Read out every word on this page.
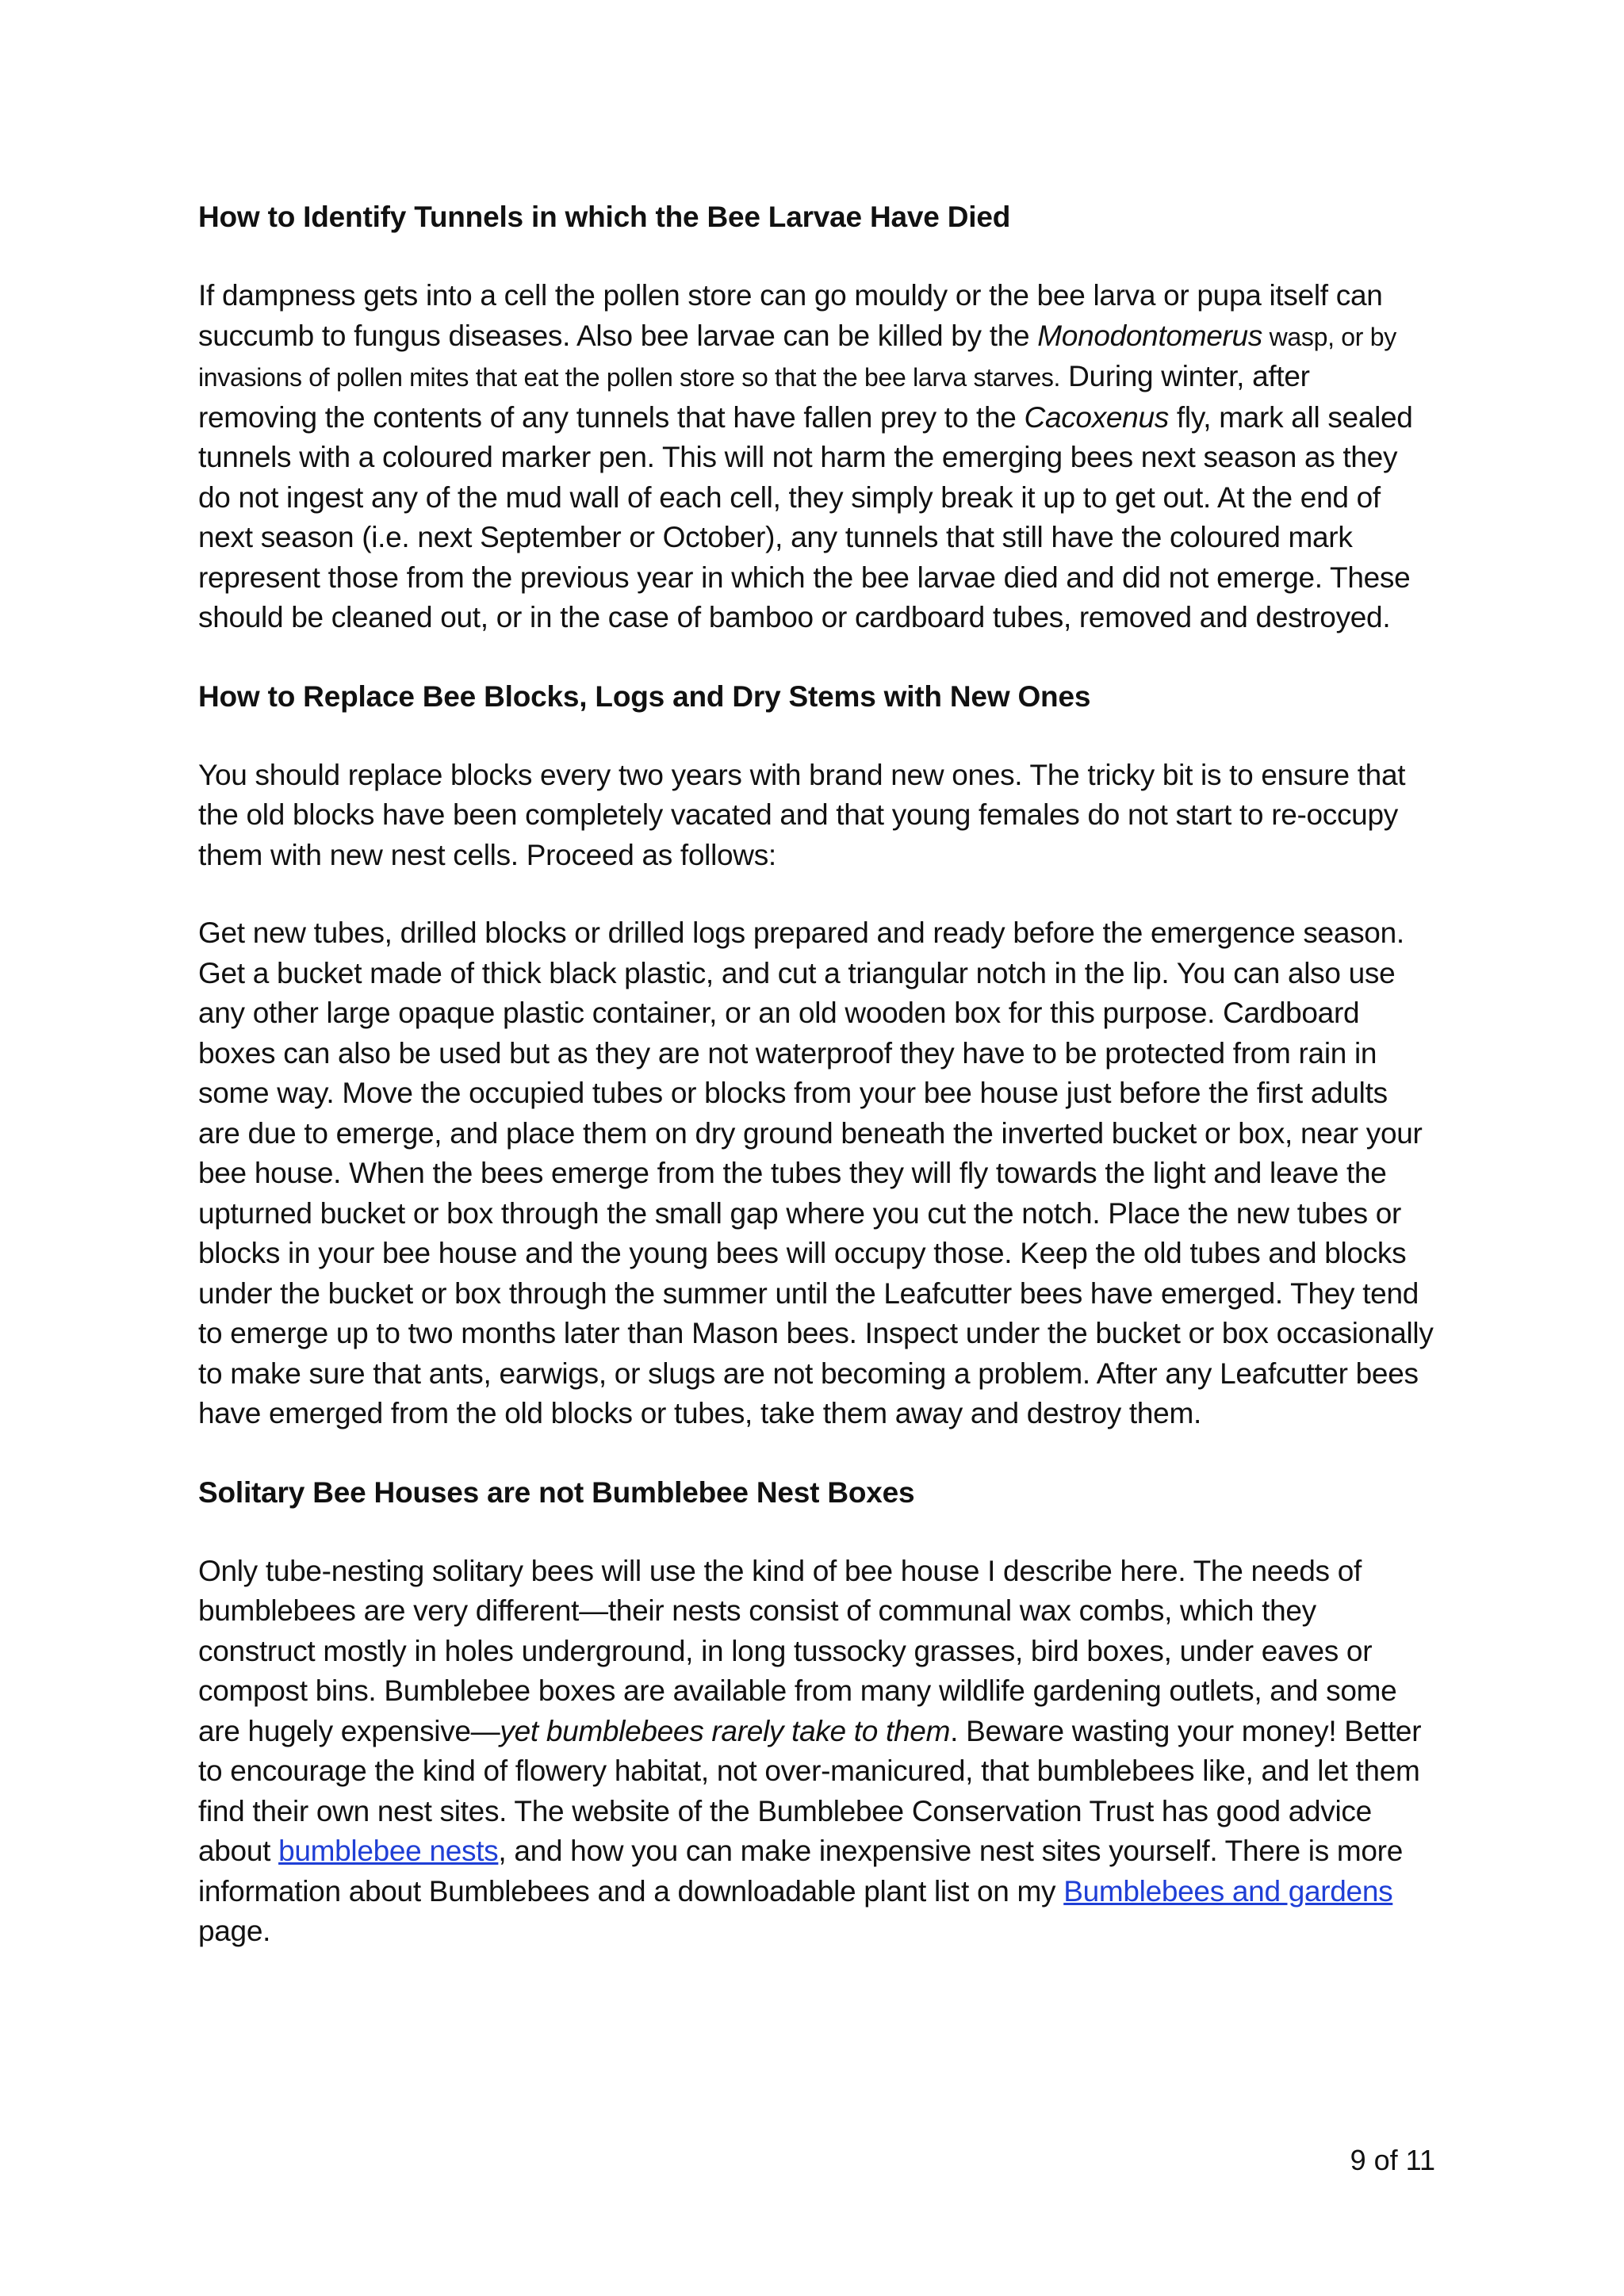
How to Identify Tunnels in which the Bee Larvae Have Died

If dampness gets into a cell the pollen store can go mouldy or the bee larva or pupa itself can succumb to fungus diseases. Also bee larvae can be killed by the Monodontomerus wasp, or by invasions of pollen mites that eat the pollen store so that the bee larva starves. During winter, after removing the contents of any tunnels that have fallen prey to the Cacoxenus fly, mark all sealed tunnels with a coloured marker pen. This will not harm the emerging bees next season as they do not ingest any of the mud wall of each cell, they simply break it up to get out. At the end of next season (i.e. next September or October), any tunnels that still have the coloured mark represent those from the previous year in which the bee larvae died and did not emerge. These should be cleaned out, or in the case of bamboo or cardboard tubes, removed and destroyed.

How to Replace Bee Blocks, Logs and Dry Stems with New Ones

You should replace blocks every two years with brand new ones. The tricky bit is to ensure that the old blocks have been completely vacated and that young females do not start to re-occupy them with new nest cells. Proceed as follows:

Get new tubes, drilled blocks or drilled logs prepared and ready before the emergence season. Get a bucket made of thick black plastic, and cut a triangular notch in the lip. You can also use any other large opaque plastic container, or an old wooden box for this purpose. Cardboard boxes can also be used but as they are not waterproof they have to be protected from rain in some way. Move the occupied tubes or blocks from your bee house just before the first adults are due to emerge, and place them on dry ground beneath the inverted bucket or box, near your bee house. When the bees emerge from the tubes they will fly towards the light and leave the upturned bucket or box through the small gap where you cut the notch. Place the new tubes or blocks in your bee house and the young bees will occupy those. Keep the old tubes and blocks under the bucket or box through the summer until the Leafcutter bees have emerged. They tend to emerge up to two months later than Mason bees. Inspect under the bucket or box occasionally to make sure that ants, earwigs, or slugs are not becoming a problem. After any Leafcutter bees have emerged from the old blocks or tubes, take them away and destroy them.

Solitary Bee Houses are not Bumblebee Nest Boxes

Only tube-nesting solitary bees will use the kind of bee house I describe here. The needs of bumblebees are very different—their nests consist of communal wax combs, which they construct mostly in holes underground, in long tussocky grasses, bird boxes, under eaves or compost bins. Bumblebee boxes are available from many wildlife gardening outlets, and some are hugely expensive—yet bumblebees rarely take to them. Beware wasting your money! Better to encourage the kind of flowery habitat, not over-manicured, that bumblebees like, and let them find their own nest sites. The website of the Bumblebee Conservation Trust has good advice about bumblebee nests, and how you can make inexpensive nest sites yourself. There is more information about Bumblebees and a downloadable plant list on my Bumblebees and gardens page.

9 of 11
